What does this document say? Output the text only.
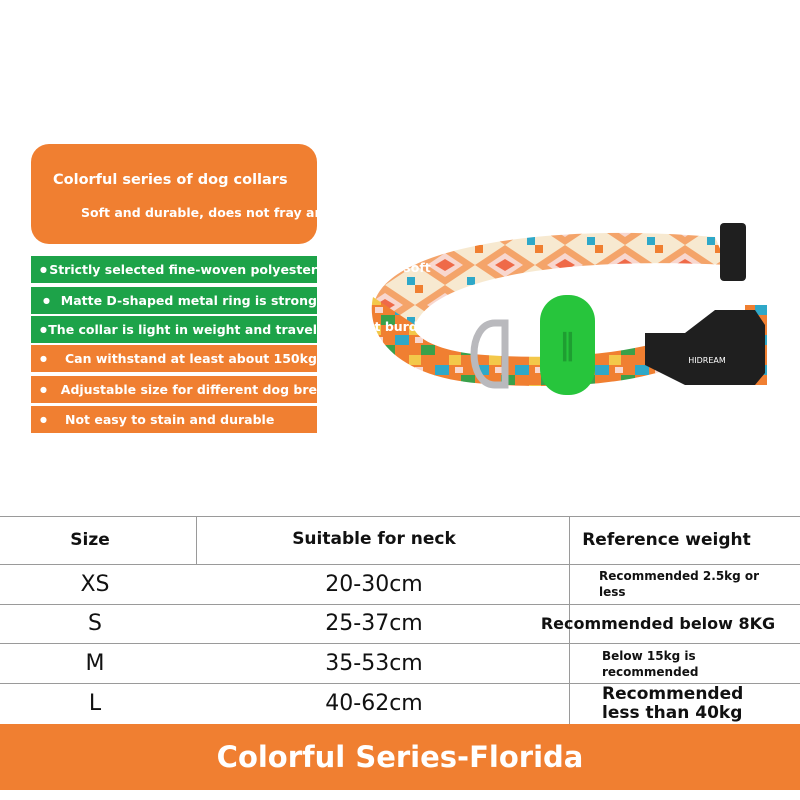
Colorful series of dog collars
Soft and durable, does not fray and neck
● Strictly selected fine-woven polyester
● Matte D-shaped metal ring is strong
● The collar is light in weight and travel
●	Can withstand at least about 150kg
●	Adjustable size for different dog bre
●	Not easy to stain and durable
∥	HIDREAM
k and soft
out burden
Size	Suitable for neck	Reference weight
XS	20-30cm	Recommended 2.5kg or less
S	25-37cm	Recommended below 8KG
M	35-53cm	Below 15kg is recommended
L	40-62cm	Recommended less than 40kg
Colorful Series-Florida
